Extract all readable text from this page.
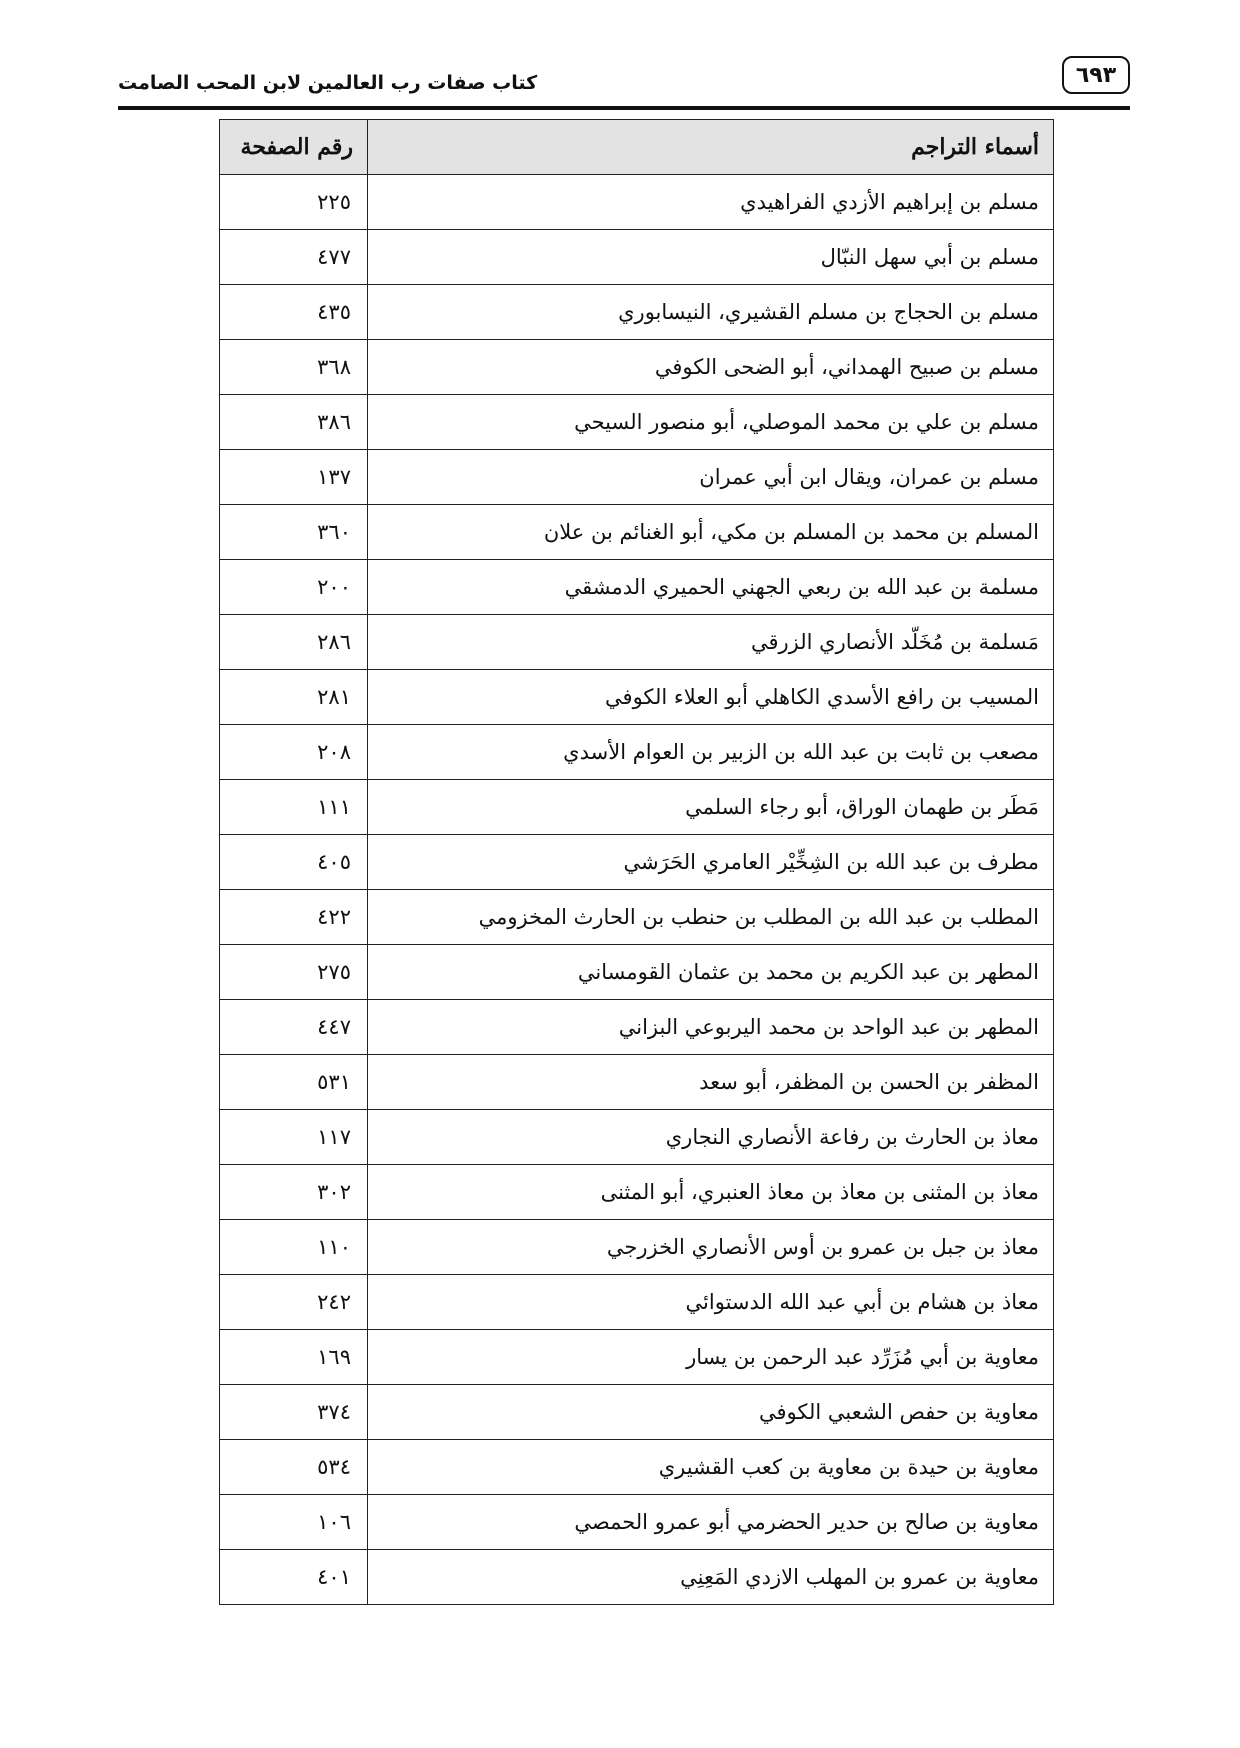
٦٩٣
كتاب صفات رب العالمين لابن المحب الصامت
أسماء التراجم	رقم الصفحة
مسلم بن إبراهيم الأزدي الفراهيدي	٢٢٥
مسلم بن أبي سهل النبّال	٤٧٧
مسلم بن الحجاج بن مسلم القشيري، النيسابوري	٤٣٥
مسلم بن صبيح الهمداني، أبو الضحى الكوفي	٣٦٨
مسلم بن علي بن محمد الموصلي، أبو منصور السيحي	٣٨٦
مسلم بن عمران، ويقال ابن أبي عمران	١٣٧
المسلم بن محمد بن المسلم بن مكي، أبو الغنائم بن علان	٣٦٠
مسلمة بن عبد الله بن ربعي الجهني الحميري الدمشقي	٢٠٠
مَسلمة بن مُخَلّد الأنصاري الزرقي	٢٨٦
المسيب بن رافع الأسدي الكاهلي أبو العلاء الكوفي	٢٨١
مصعب بن ثابت بن عبد الله بن الزبير بن العوام الأسدي	٢٠٨
مَطَر بن طهمان الوراق، أبو رجاء السلمي	١١١
مطرف بن عبد الله بن الشِخِّيْر العامري الحَرَشي	٤٠٥
المطلب بن عبد الله بن المطلب بن حنطب بن الحارث المخزومي	٤٢٢
المطهر بن عبد الكريم بن محمد بن عثمان القومساني	٢٧٥
المطهر بن عبد الواحد بن محمد اليربوعي البزاني	٤٤٧
المظفر بن الحسن بن المظفر، أبو سعد	٥٣١
معاذ بن الحارث بن رفاعة الأنصاري النجاري	١١٧
معاذ بن المثنى بن معاذ بن معاذ العنبري، أبو المثنى	٣٠٢
معاذ بن جبل بن عمرو بن أوس الأنصاري الخزرجي	١١٠
معاذ بن هشام بن أبي عبد الله الدستوائي	٢٤٢
معاوية بن أبي مُزَرِّد عبد الرحمن بن يسار	١٦٩
معاوية بن حفص الشعبي الكوفي	٣٧٤
معاوية بن حيدة بن معاوية بن كعب القشيري	٥٣٤
معاوية بن صالح بن حدير الحضرمي أبو عمرو الحمصي	١٠٦
معاوية بن عمرو بن المهلب الازدي المَعِنِي	٤٠١
